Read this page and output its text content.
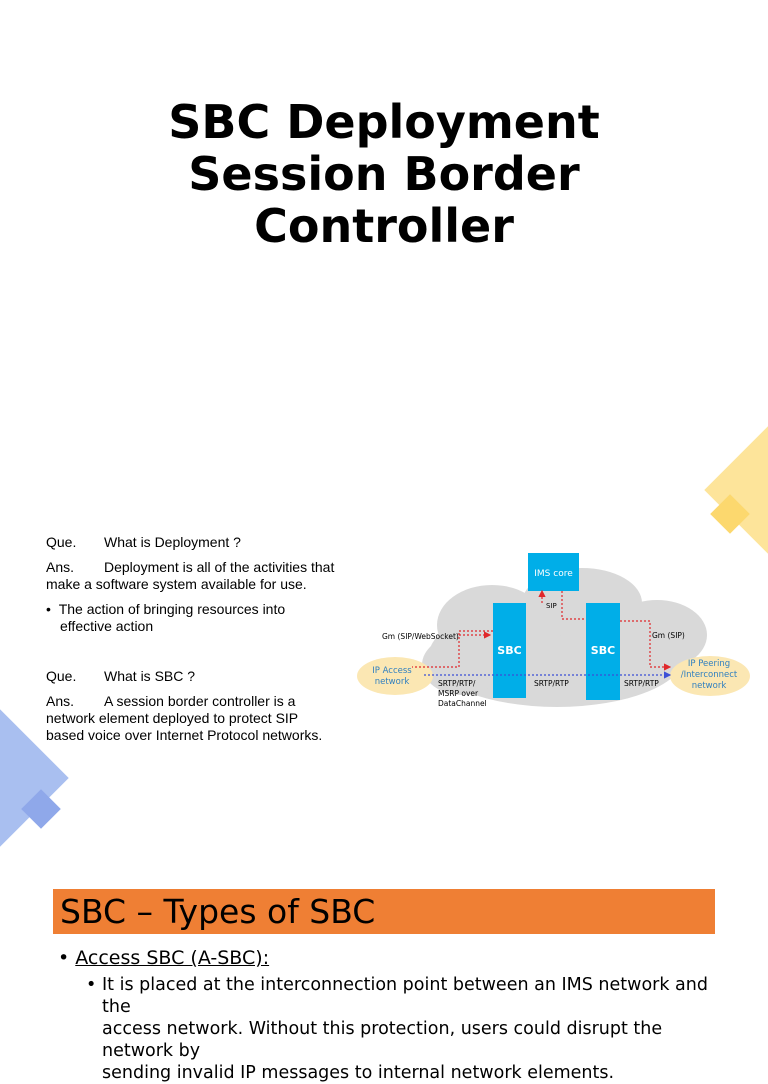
SBC Deployment
Session Border
Controller
Que. What is Deployment ?
Ans. Deployment is all of the activities that
make a software system available for use.
•  The action of bringing resources into
effective action
Que. What is SBC ?
Ans. A session border controller is a
network element deployed to protect SIP
based voice over Internet Protocol networks.
IMS core
SBC	SBC
SIP
Gm (SIP/WebSocket)	Gm (SIP)
IP Access
network
IP Peering
/Interconnect
network
SRTP/RTP/
MSRP over
DataChannel
SRTP/RTP	SRTP/RTP
SBC – Types of SBC
• Access SBC (A-SBC):
• It is placed at the interconnection point between an IMS network and the
access network. Without this protection, users could disrupt the network by
sending invalid IP messages to internal network elements.
